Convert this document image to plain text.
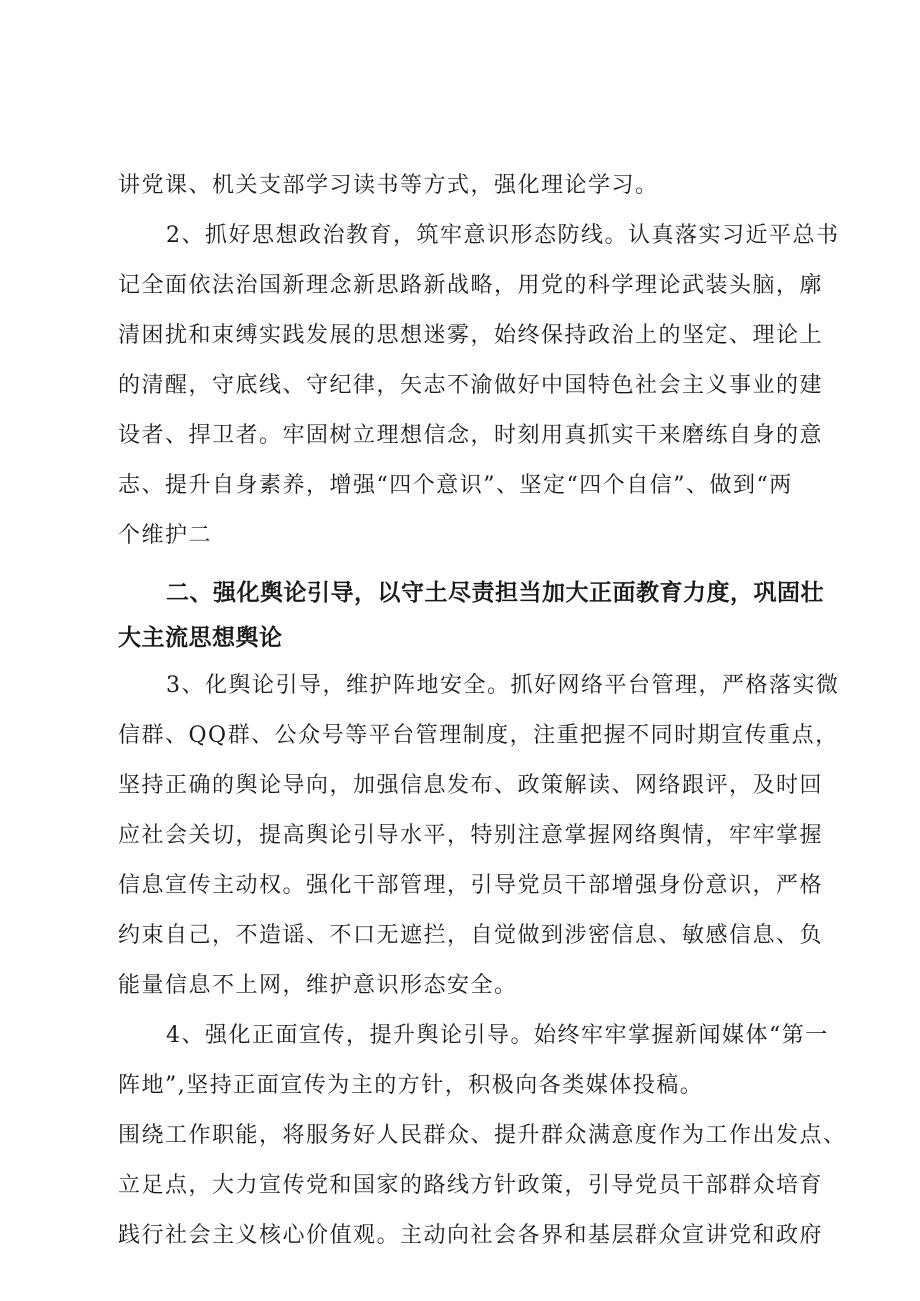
讲党课、机关支部学习读书等方式，强化理论学习。
2、抓好思想政治教育，筑牢意识形态防线。认真落实习近平总书
记全面依法治国新理念新思路新战略，用党的科学理论武装头脑，廓
清困扰和束缚实践发展的思想迷雾，始终保持政治上的坚定、理论上
的清醒，守底线、守纪律，矢志不渝做好中国特色社会主义事业的建
设者、捍卫者。牢固树立理想信念，时刻用真抓实干来磨练自身的意
志、提升自身素养，增强“四个意识”、坚定“四个自信”、做到“两
个维护二
二、强化舆论引导，以守土尽责担当加大正面教育力度，巩固壮
大主流思想舆论
3、化舆论引导，维护阵地安全。抓好网络平台管理，严格落实微
信群、QQ群、公众号等平台管理制度，注重把握不同时期宣传重点，
坚持正确的舆论导向，加强信息发布、政策解读、网络跟评，及时回
应社会关切，提高舆论引导水平，特别注意掌握网络舆情，牢牢掌握
信息宣传主动权。强化干部管理，引导党员干部增强身份意识，严格
约束自己，不造谣、不口无遮拦，自觉做到涉密信息、敏感信息、负
能量信息不上网，维护意识形态安全。
4、强化正面宣传，提升舆论引导。始终牢牢掌握新闻媒体“第一
阵地”,坚持正面宣传为主的方针，积极向各类媒体投稿。
围绕工作职能，将服务好人民群众、提升群众满意度作为工作出发点、
立足点，大力宣传党和国家的路线方针政策，引导党员干部群众培育
践行社会主义核心价值观。主动向社会各界和基层群众宣讲党和政府
